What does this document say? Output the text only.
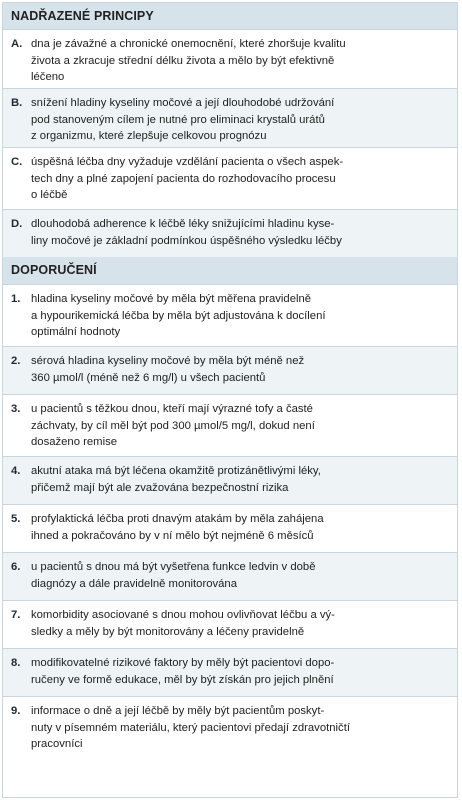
NADŘAZENÉ PRINCIPY
A. dna je závažné a chronické onemocnění, které zhoršuje kvalitu
života a zkracuje střední délku života a mělo by být efektivně
léčeno
B. snížení hladiny kyseliny močové a její dlouhodobé udržování
pod stanoveným cílem je nutné pro eliminaci krystalů urátů
z organizmu, které zlepšuje celkovou prognózu
C. úspěšná léčba dny vyžaduje vzdělání pacienta o všech aspek-
tech dny a plné zapojení pacienta do rozhodovacího procesu
o léčbě
D. dlouhodobá adherence k léčbě léky snižujícími hladinu kyse-
liny močové je základní podmínkou úspěšného výsledku léčby
DOPORUČENÍ
1. hladina kyseliny močové by měla být měřena pravidelně
a hypourikemická léčba by měla být adjustována k docílení
optimální hodnoty
2. sérová hladina kyseliny močové by měla být méně než
360 µmol/l (méně než 6 mg/l) u všech pacientů
3. u pacientů s těžkou dnou, kteří mají výrazné tofy a časté
záchvaty, by cíl měl být pod 300 µmol/5 mg/l, dokud není
dosaženo remise
4. akutní ataka má být léčena okamžitě protizánětlivými léky,
přičemž mají být ale zvažována bezpečnostní rizika
5. profylaktická léčba proti dnavým atakám by měla zahájena
ihned a pokračováno by v ní mělo být nejméně 6 měsíců
6. u pacientů s dnou má být vyšetřena funkce ledvin v době
diagnózy a dále pravidelně monitorována
7. komorbidity asociované s dnou mohou ovlivňovat léčbu a vý-
sledky a měly by být monitorovány a léčeny pravidelně
8. modifikovatelné rizikové faktory by měly být pacientovi dopo-
ručeny ve formě edukace, měl by být získán pro jejich plnění
9. informace o dně a její léčbě by měly být pacientům poskyt-
nuty v písemném materiálu, který pacientovi předají zdravotničtí
pracovníci
